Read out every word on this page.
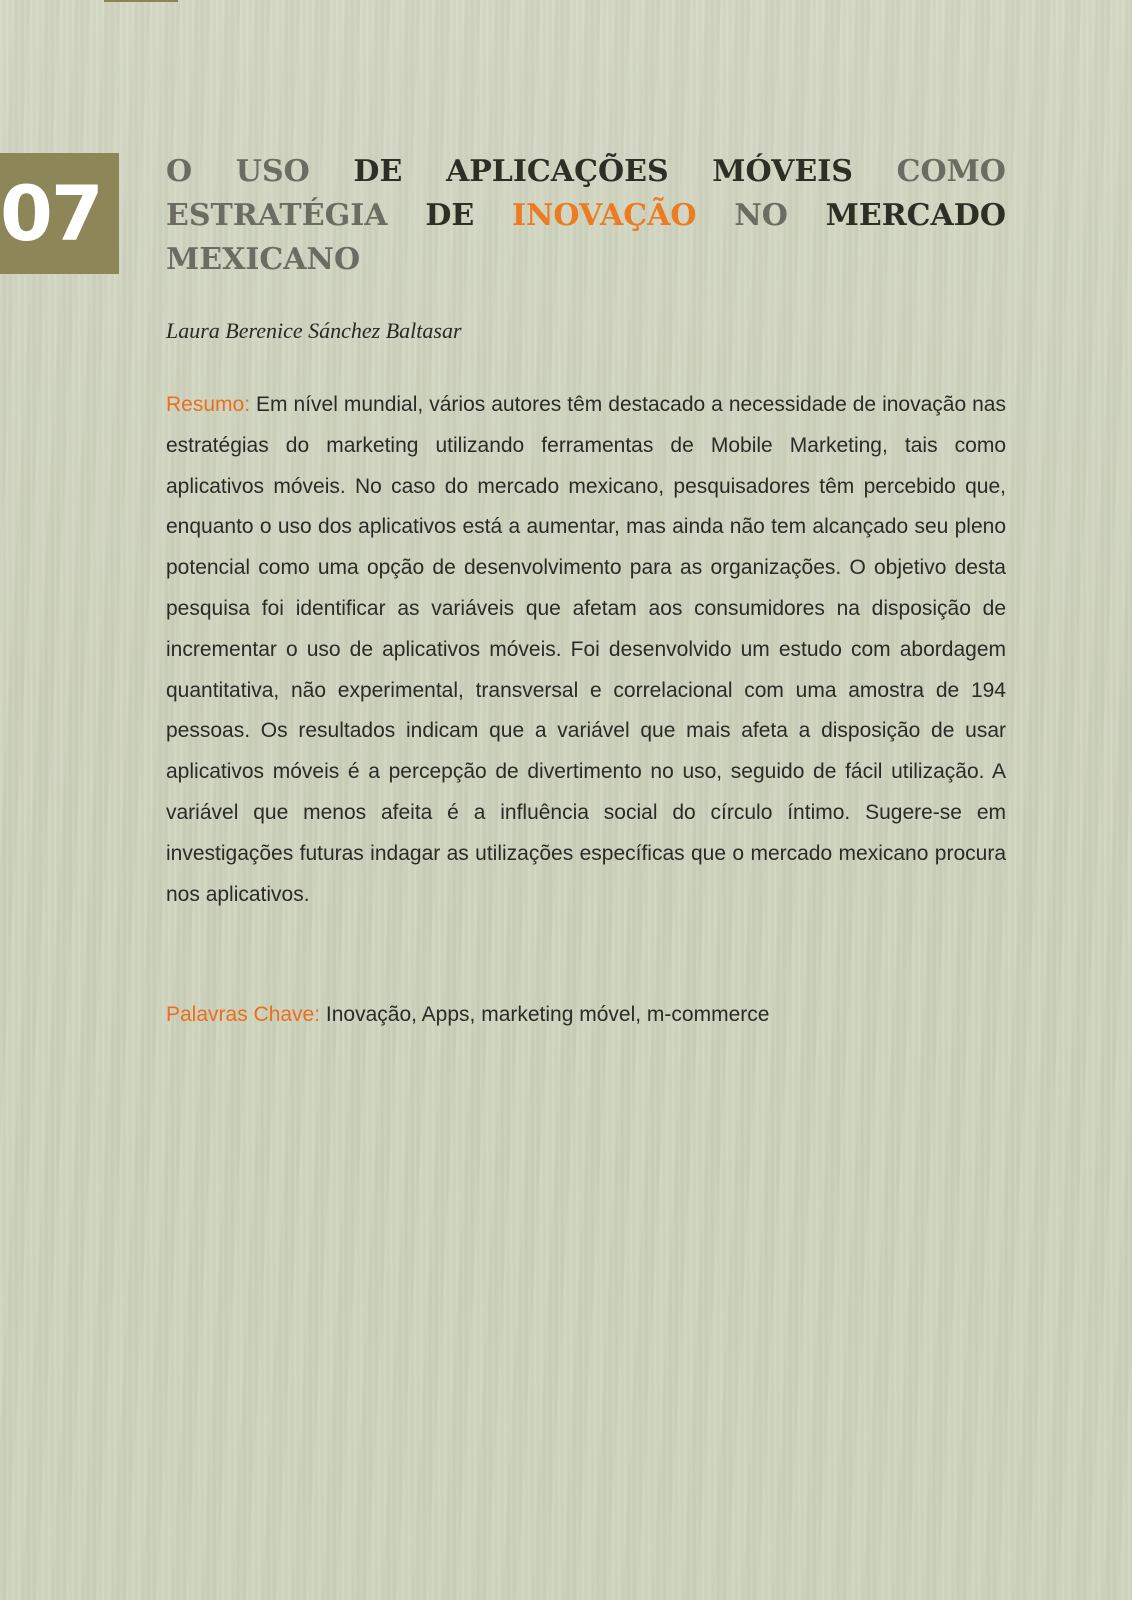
07 O USO DE APLICAÇÕES MÓVEIS COMO
ESTRATÉGIA DE INOVAÇÃO NO MERCADO
MEXICANO
Laura Berenice Sánchez Baltasar
Resumo: Em nível mundial, vários autores têm destacado a necessidade de inovação nas estratégias do marketing utilizando ferramentas de Mobile Marketing, tais como aplicativos móveis. No caso do mercado mexicano, pesquisadores têm percebido que, enquanto o uso dos aplicativos está a aumentar, mas ainda não tem alcançado seu pleno potencial como uma opção de desenvolvimento para as organizações. O objetivo desta pesquisa foi identificar as variáveis que afetam aos consumidores na disposição de incrementar o uso de aplicativos móveis. Foi desenvolvido um estudo com abordagem quantitativa, não experimental, transversal e correlacional com uma amostra de 194 pessoas. Os resultados indicam que a variável que mais afeta a disposição de usar aplicativos móveis é a percepção de divertimento no uso, seguido de fácil utilização. A variável que menos afeita é a influência social do círculo íntimo. Sugere-se em investigações futuras indagar as utilizações específicas que o mercado mexicano procura nos aplicativos.
Palavras Chave: Inovação, Apps, marketing móvel, m-commerce
